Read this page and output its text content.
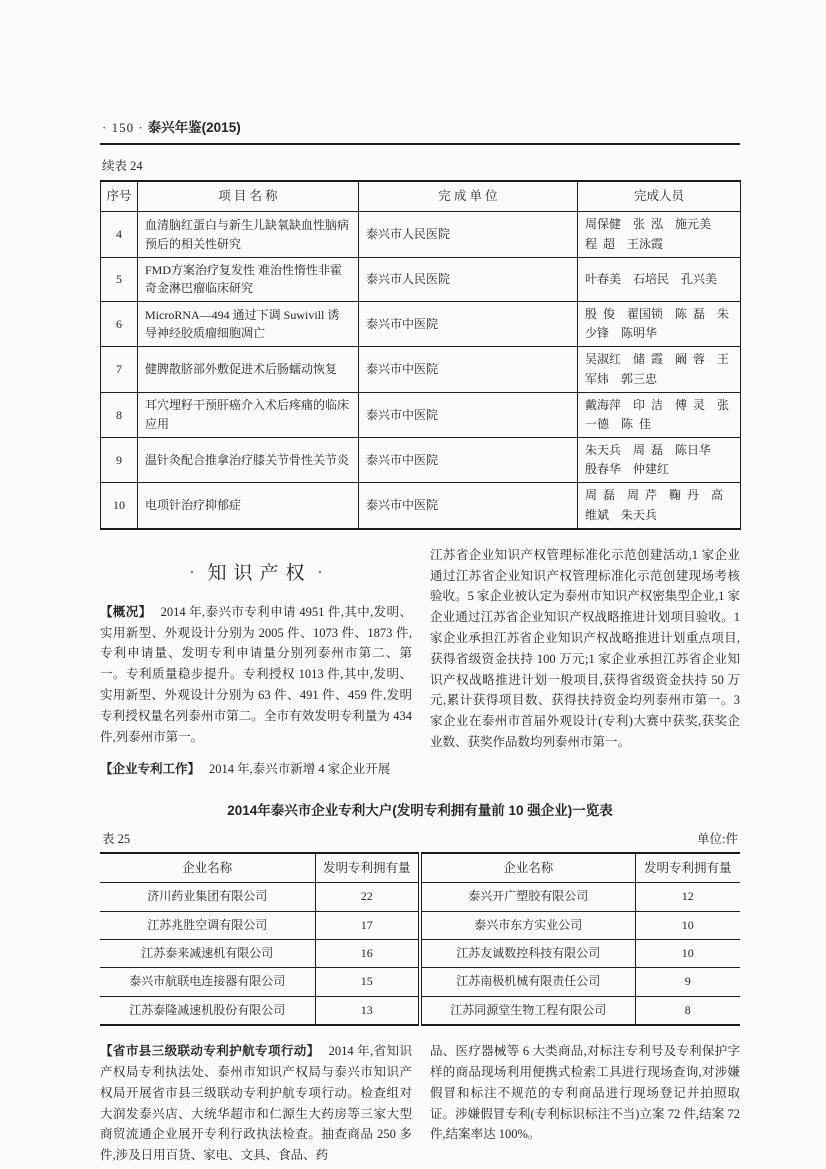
· 150 · 泰兴年鉴(2015)
续表 24
序号	项 目 名 称	完 成 单 位	完成人员
4	血清脑红蛋白与新生儿缺氧缺血性脑病预后的相关性研究	泰兴市人民医院	周保健　张  泓　施元美　程  超　王泳霞
5	FMD方案治疗复发性 难治性惰性非霍奇金淋巴瘤临床研究	泰兴市人民医院	叶春美　石培民　孔兴美
6	MicroRNA—494 通过下调 Suwivill 诱导神经胶质瘤细胞凋亡	泰兴市中医院	殷  俊　翟国锁　陈  磊　朱少锋　陈明华
7	健脾散脐部外敷促进术后肠蠕动恢复	泰兴市中医院	吴淑红　储  霞　阚  蓉　王军炜　郭三忠
8	耳穴埋籽干预肝癌介入术后疼痛的临床应用	泰兴市中医院	戴海萍　印  洁　傅  灵　张一德　陈  佳
9	温针灸配合推拿治疗膝关节骨性关节炎	泰兴市中医院	朱天兵　周  磊　陈日华　殷春华　仲建红
10	电项针治疗抑郁症	泰兴市中医院	周  磊　周  芹　鞠  丹　高维斌　朱天兵
· 知识产权 ·
【概况】 2014 年,泰兴市专利申请 4951 件,其中,发明、实用新型、外观设计分别为 2005 件、1073 件、1873 件,专利申请量、发明专利申请量分别列泰州市第二、第一。专利质量稳步提升。专利授权 1013 件,其中,发明、实用新型、外观设计分别为 63 件、491 件、459 件,发明专利授权量名列泰州市第二。全市有效发明专利量为 434 件,列泰州市第一。
【企业专利工作】 2014 年,泰兴市新增 4 家企业开展
江苏省企业知识产权管理标准化示范创建活动,1 家企业通过江苏省企业知识产权管理标准化示范创建现场考核验收。5 家企业被认定为泰州市知识产权密集型企业,1 家企业通过江苏省企业知识产权战略推进计划项目验收。1 家企业承担江苏省企业知识产权战略推进计划重点项目,获得省级资金扶持 100 万元;1 家企业承担江苏省企业知识产权战略推进计划一般项目,获得省级资金扶持 50 万元,累计获得项目数、获得扶持资金均列泰州市第一。3 家企业在泰州市首届外观设计(专利)大赛中获奖,获奖企业数、获奖作品数均列泰州市第一。
2014年泰兴市企业专利大户(发明专利拥有量前 10 强企业)一览表
表 25	单位:件
企业名称	发明专利拥有量	企业名称	发明专利拥有量
济川药业集团有限公司	22	泰兴开广塑胶有限公司	12
江苏兆胜空调有限公司	17	泰兴市东方实业公司	10
江苏泰来减速机有限公司	16	江苏友诚数控科技有限公司	10
泰兴市航联电连接器有限公司	15	江苏南极机械有限责任公司	9
江苏泰隆减速机股份有限公司	13	江苏同源堂生物工程有限公司	8
【省市县三级联动专利护航专项行动】 2014 年,省知识产权局专利执法处、泰州市知识产权局与泰兴市知识产权局开展省市县三级联动专利护航专项行动。检查组对大润发泰兴店、大统华超市和仁源生大药房等三家大型商贸流通企业展开专利行政执法检查。抽查商品 250 多件,涉及日用百货、家电、文具、食品、药
品、医疗器械等 6 大类商品,对标注专利号及专利保护字样的商品现场利用便携式检索工具进行现场查询,对涉嫌假冒和标注不规范的专利商品进行现场登记并拍照取证。涉嫌假冒专利(专利标识标注不当)立案 72 件,结案 72 件,结案率达 100%。
